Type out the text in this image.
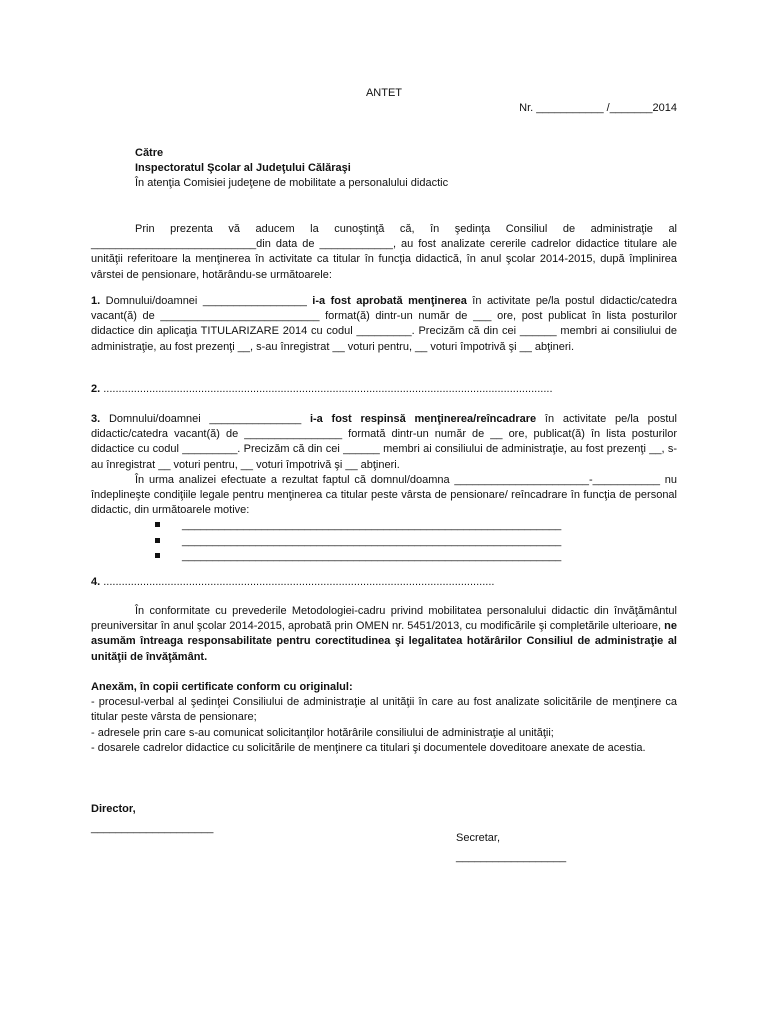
ANTET
Nr. ___________ /_______2014

Către

Inspectoratul Şcolar al Judeţului Călăraşi

În atenţia Comisiei judeţene de mobilitate a personalului didactic

Prin prezenta vă aducem la cunoştinţă că, în şedinţa Consiliul de administraţie al ___________________________din data de ____________, au fost analizate cererile cadrelor didactice titulare ale unităţii referitoare la menţinerea în activitate ca titular în funcţia didactică, în anul şcolar 2014-2015, după împlinirea vârstei de pensionare, hotărându-se următoarele:

1. Domnului/doamnei _________________ i-a fost aprobată menţinerea în activitate pe/la postul didactic/catedra vacant(ă) de __________________________ format(ă) dintr-un număr de ___ ore, post publicat în lista posturilor didactice din aplicaţia TITULARIZARE 2014 cu codul _________. Precizăm că din cei ______ membri ai consiliului de administraţie, au fost prezenţi __, s-au înregistrat __ voturi pentru, __ voturi împotrivă şi __ abţineri.

2. ...................................................................................................................................................

3. Domnului/doamnei _______________ i-a fost respinsă menţinerea/reîncadrare în activitate pe/la postul didactic/catedra vacant(ă) de ________________ formată dintr-un număr de __ ore, publicat(ă) în lista posturilor didactice cu codul _________. Precizăm că din cei ______ membri ai consiliului de administraţie, au fost prezenţi __, s-au înregistrat __ voturi pentru, __ voturi împotrivă şi __ abţineri.

În urma analizei efectuate a rezultat faptul că domnul/doamna ______________________-___________ nu îndeplineşte condiţiile legale pentru menţinerea ca titular peste vârsta de pensionare/ reîncadrare în funcţia de personal didactic, din următoarele motive:

______________________________________________________________
______________________________________________________________
______________________________________________________________

4. ................................................................................................................................

În conformitate cu prevederile Metodologiei-cadru privind mobilitatea personalului didactic din învăţământul preuniversitar în anul şcolar 2014-2015, aprobată prin OMEN nr. 5451/2013, cu modificările şi completările ulterioare, ne asumăm întreaga responsabilitate pentru corectitudinea şi legalitatea hotărârilor Consiliul de administraţie al unităţii de învăţământ.

Anexăm, în copii certificate conform cu originalul:

- procesul-verbal al şedinţei Consiliului de administraţie al unităţii în care au fost analizate solicitările de menţinere ca titular peste vârsta de pensionare;

- adresele prin care s-au comunicat solicitanţilor hotărârile consiliului de administraţie al unităţii;

- dosarele cadrelor didactice cu solicitările de menţinere ca titulari şi documentele doveditoare anexate de acestia.

Director,

____________________

Secretar,

__________________
